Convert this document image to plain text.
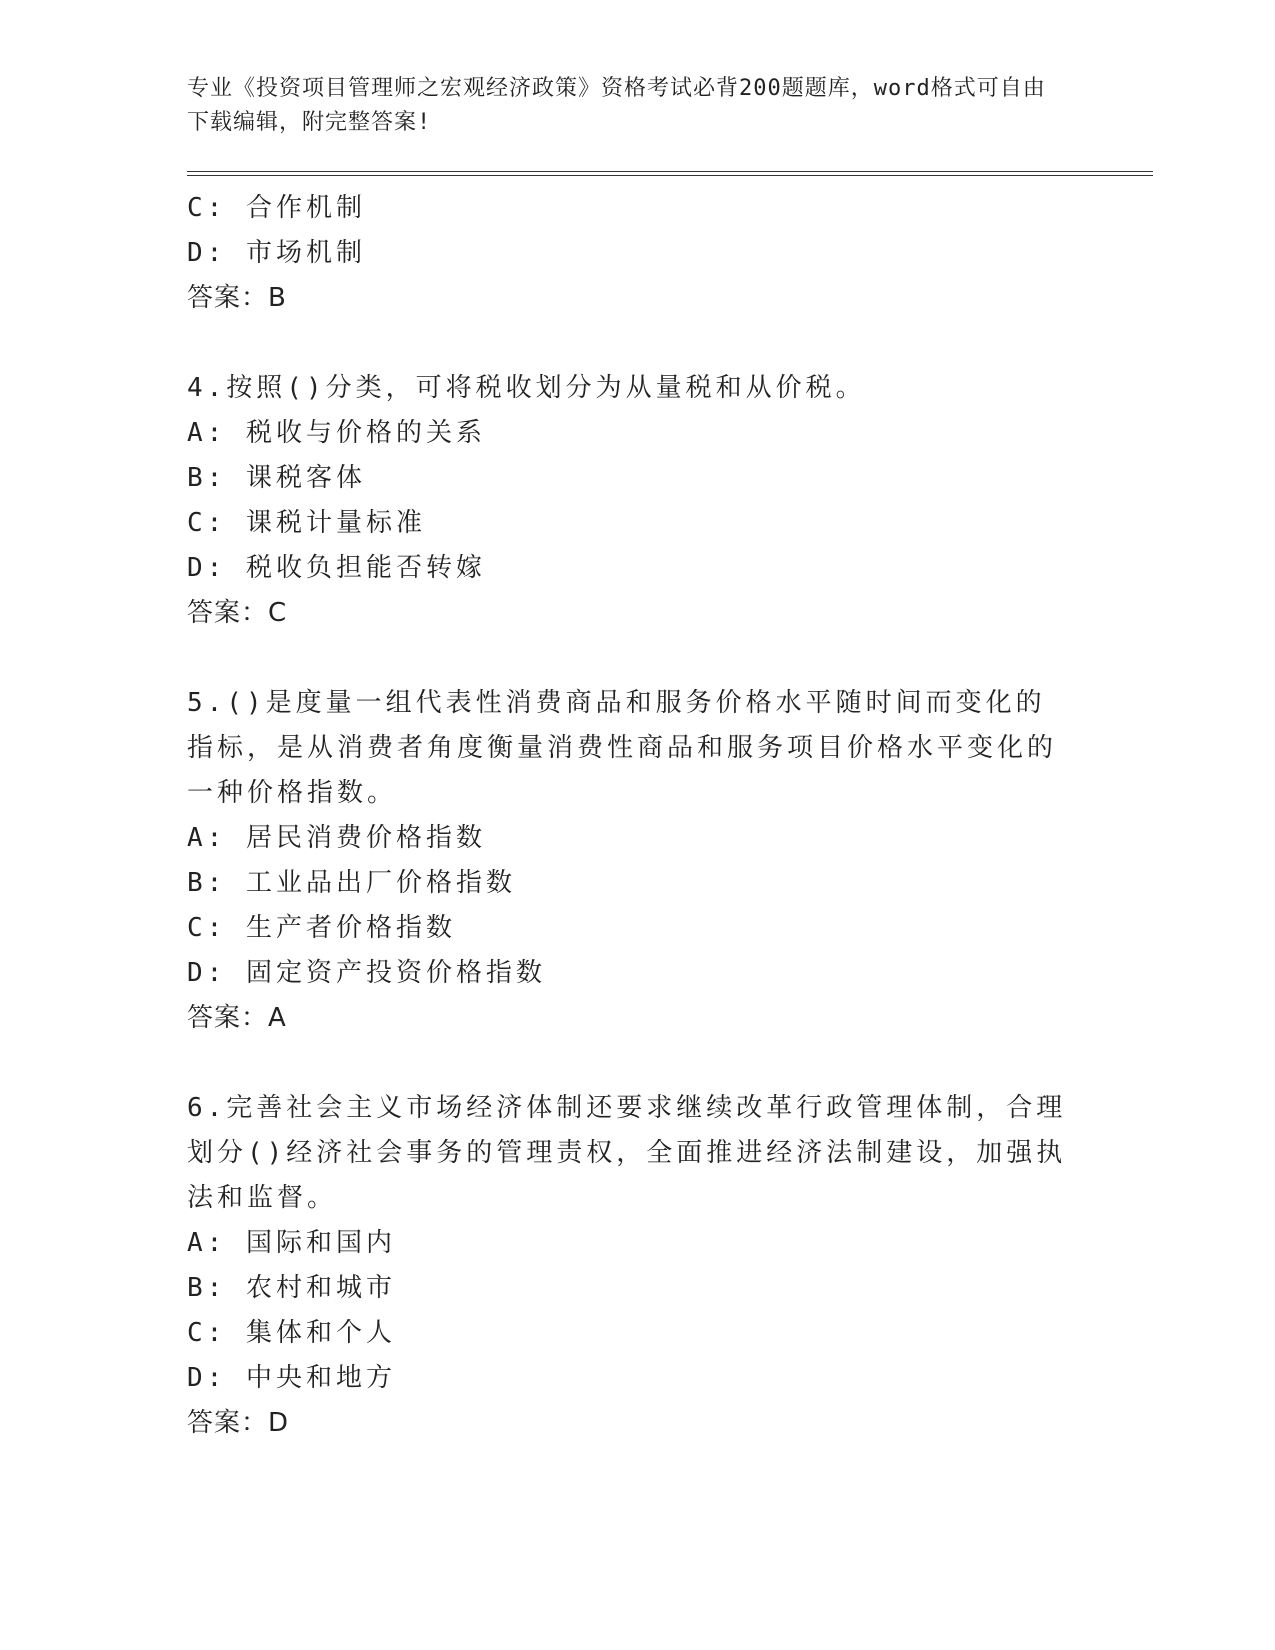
专业《投资项目管理师之宏观经济政策》资格考试必背200题题库，word格式可自由下载编辑，附完整答案!
C: 合作机制
D: 市场机制
答案：B
4.按照()分类，可将税收划分为从量税和从价税。
A: 税收与价格的关系
B: 课税客体
C: 课税计量标准
D: 税收负担能否转嫁
答案：C
5.()是度量一组代表性消费商品和服务价格水平随时间而变化的指标，是从消费者角度衡量消费性商品和服务项目价格水平变化的一种价格指数。
A: 居民消费价格指数
B: 工业品出厂价格指数
C: 生产者价格指数
D: 固定资产投资价格指数
答案：A
6.完善社会主义市场经济体制还要求继续改革行政管理体制，合理划分()经济社会事务的管理责权，全面推进经济法制建设，加强执法和监督。
A: 国际和国内
B: 农村和城市
C: 集体和个人
D: 中央和地方
答案：D
